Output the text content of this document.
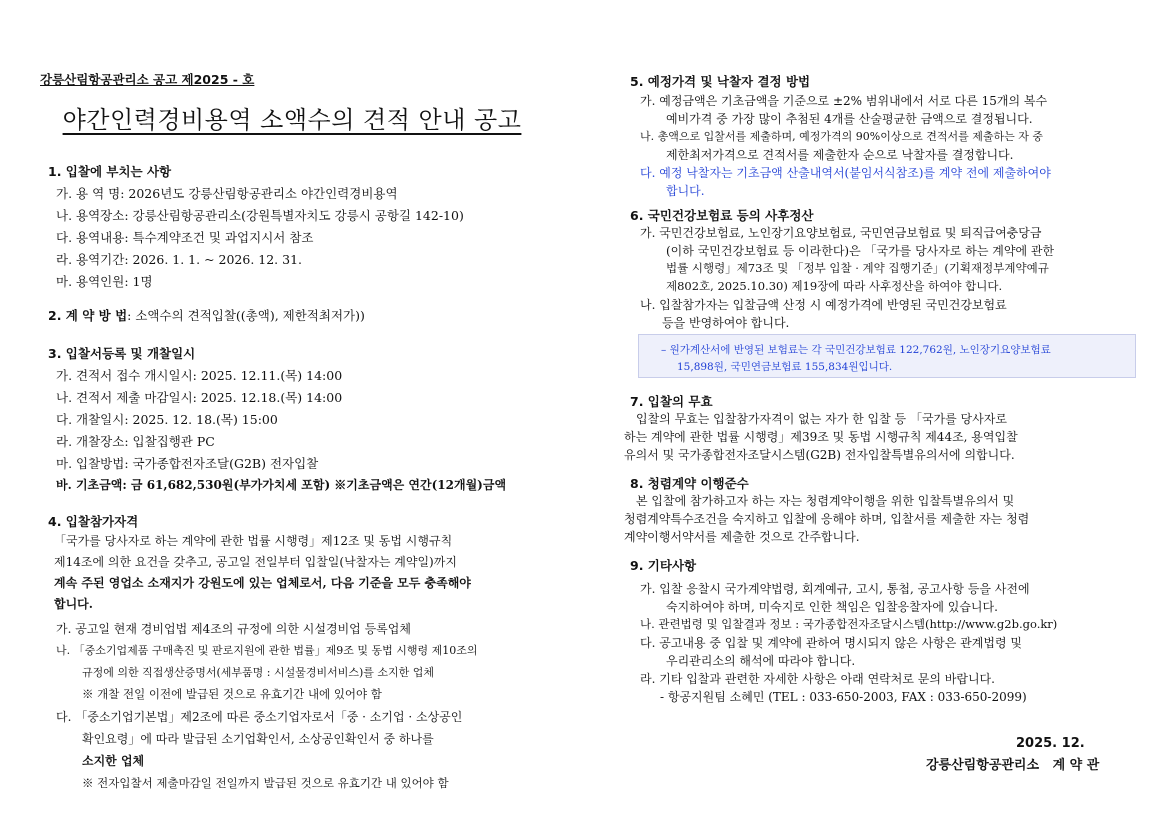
강릉산림항공관리소 공고 제2025 - 호
야간인력경비용역 소액수의 견적 안내 공고
1. 입찰에 부치는 사항
가. 용 역 명: 2026년도 강릉산림항공관리소 야간인력경비용역
나. 용역장소: 강릉산림항공관리소(강원특별자치도 강릉시 공항길 142-10)
다. 용역내용: 특수계약조건 및 과업지시서 참조
라. 용역기간: 2026. 1. 1. ~ 2026. 12. 31.
마. 용역인원: 1명
2. 계 약 방 법: 소액수의 견적입찰((총액), 제한적최저가))
3. 입찰서등록 및 개찰일시
가. 견적서 접수 개시일시: 2025. 12.11.(목) 14:00
나. 견적서 제출 마감일시: 2025. 12.18.(목) 14:00
다. 개찰일시: 2025. 12. 18.(목) 15:00
라. 개찰장소: 입찰집행관 PC
마. 입찰방법: 국가종합전자조달(G2B) 전자입찰
바. 기초금액: 금 61,682,530원(부가가치세 포함) ※기초금액은 연간(12개월)금액
4. 입찰참가자격
「국가를 당사자로 하는 계약에 관한 법률 시행령」제12조 및 동법 시행규칙
제14조에 의한 요건을 갖추고, 공고일 전일부터 입찰일(낙찰자는 계약일)까지
계속 주된 영업소 소재지가 강원도에 있는 업체로서, 다음 기준을 모두 충족해야
합니다.
가. 공고일 현재 경비업법 제4조의 규정에 의한 시설경비업 등록업체
나. 「중소기업제품 구매촉진 및 판로지원에 관한 법률」제9조 및 동법 시행령 제10조의
규정에 의한 직접생산증명서(세부품명 : 시설물경비서비스)를 소지한 업체
※ 개찰 전일 이전에 발급된 것으로 유효기간 내에 있어야 함
다. 「중소기업기본법」제2조에 따른 중소기업자로서「중 · 소기업 · 소상공인
확인요령」에 따라 발급된 소기업확인서, 소상공인확인서 중 하나를
소지한 업체
※ 전자입찰서 제출마감일 전일까지 발급된 것으로 유효기간 내 있어야 함
5. 예정가격 및 낙찰자 결정 방법
가. 예정금액은 기초금액을 기준으로 ±2% 범위내에서 서로 다른 15개의 복수
예비가격 중 가장 많이 추첨된 4개를 산술평균한 금액으로 결정됩니다.
나. 총액으로 입찰서를 제출하며, 예정가격의 90%이상으로 견적서를 제출하는 자 중
제한최저가격으로 견적서를 제출한자 순으로 낙찰자를 결정합니다.
다. 예정 낙찰자는 기초금액 산출내역서(붙임서식참조)를 계약 전에 제출하여야
합니다.
6. 국민건강보험료 등의 사후정산
가. 국민건강보험료, 노인장기요양보험료, 국민연금보험료 및 퇴직급여충당금
(이하 국민건강보험료 등 이라한다)은 「국가를 당사자로 하는 계약에 관한
법률 시행령」제73조 및 「정부 입찰 · 계약 집행기준」(기획재정부계약예규
제802호, 2025.10.30) 제19장에 따라 사후정산을 하여야 합니다.
나. 입찰참가자는 입찰금액 산정 시 예정가격에 반영된 국민건강보험료
등을 반영하여야 합니다.
– 원가계산서에 반영된 보험료는 각 국민건강보험료 122,762원, 노인장기요양보험료
15,898원, 국민연금보험료 155,834원입니다.
7. 입찰의 무효
입찰의 무효는 입찰참가자격이 없는 자가 한 입찰 등 「국가를 당사자로
하는 계약에 관한 법률 시행령」제39조 및 동법 시행규칙 제44조, 용역입찰
유의서 및 국가종합전자조달시스템(G2B) 전자입찰특별유의서에 의합니다.
8. 청렴계약 이행준수
본 입찰에 참가하고자 하는 자는 청렴계약이행을 위한 입찰특별유의서 및
청렴계약특수조건을 숙지하고 입찰에 응해야 하며, 입찰서를 제출한 자는 청렴
계약이행서약서를 제출한 것으로 간주합니다.
9. 기타사항
가. 입찰 응찰시 국가계약법령, 회계예규, 고시, 통첩, 공고사항 등을 사전에
숙지하여야 하며, 미숙지로 인한 책임은 입찰응찰자에 있습니다.
나. 관련법령 및 입찰결과 정보 : 국가종합전자조달시스템(http://www.g2b.go.kr)
다. 공고내용 중 입찰 및 계약에 관하여 명시되지 않은 사항은 관계법령 및
우리관리소의 해석에 따라야 합니다.
라. 기타 입찰과 관련한 자세한 사항은 아래 연락처로 문의 바랍니다.
- 항공지원팀 소혜민 (TEL : 033-650-2003, FAX : 033-650-2099)
2025. 12.
강릉산림항공관리소   계 약 관
